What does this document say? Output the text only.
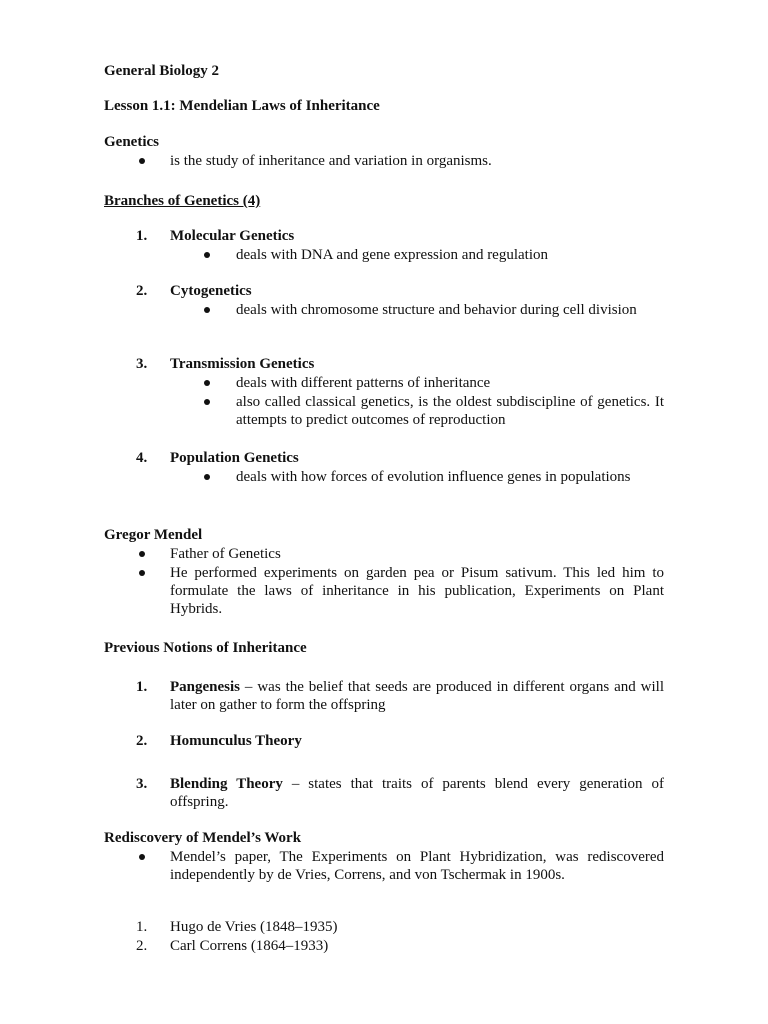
General Biology 2
Lesson 1.1: Mendelian Laws of Inheritance
Genetics
is the study of inheritance and variation in organisms.
Branches of Genetics (4)
1. Molecular Genetics
deals with DNA and gene expression and regulation
2. Cytogenetics
deals with chromosome structure and behavior during cell division
3. Transmission Genetics
deals with different patterns of inheritance
also called classical genetics, is the oldest subdiscipline of genetics. It attempts to predict outcomes of reproduction
4. Population Genetics
deals with how forces of evolution influence genes in populations
Gregor Mendel
Father of Genetics
He performed experiments on garden pea or Pisum sativum. This led him to formulate the laws of inheritance in his publication, Experiments on Plant Hybrids.
Previous Notions of Inheritance
1. Pangenesis – was the belief that seeds are produced in different organs and will later on gather to form the offspring
2. Homunculus Theory
3. Blending Theory – states that traits of parents blend every generation of offspring.
Rediscovery of Mendel’s Work
Mendel’s paper, The Experiments on Plant Hybridization, was rediscovered independently by de Vries, Correns, and von Tschermak in 1900s.
1. Hugo de Vries (1848–1935)
2. Carl Correns (1864–1933)
